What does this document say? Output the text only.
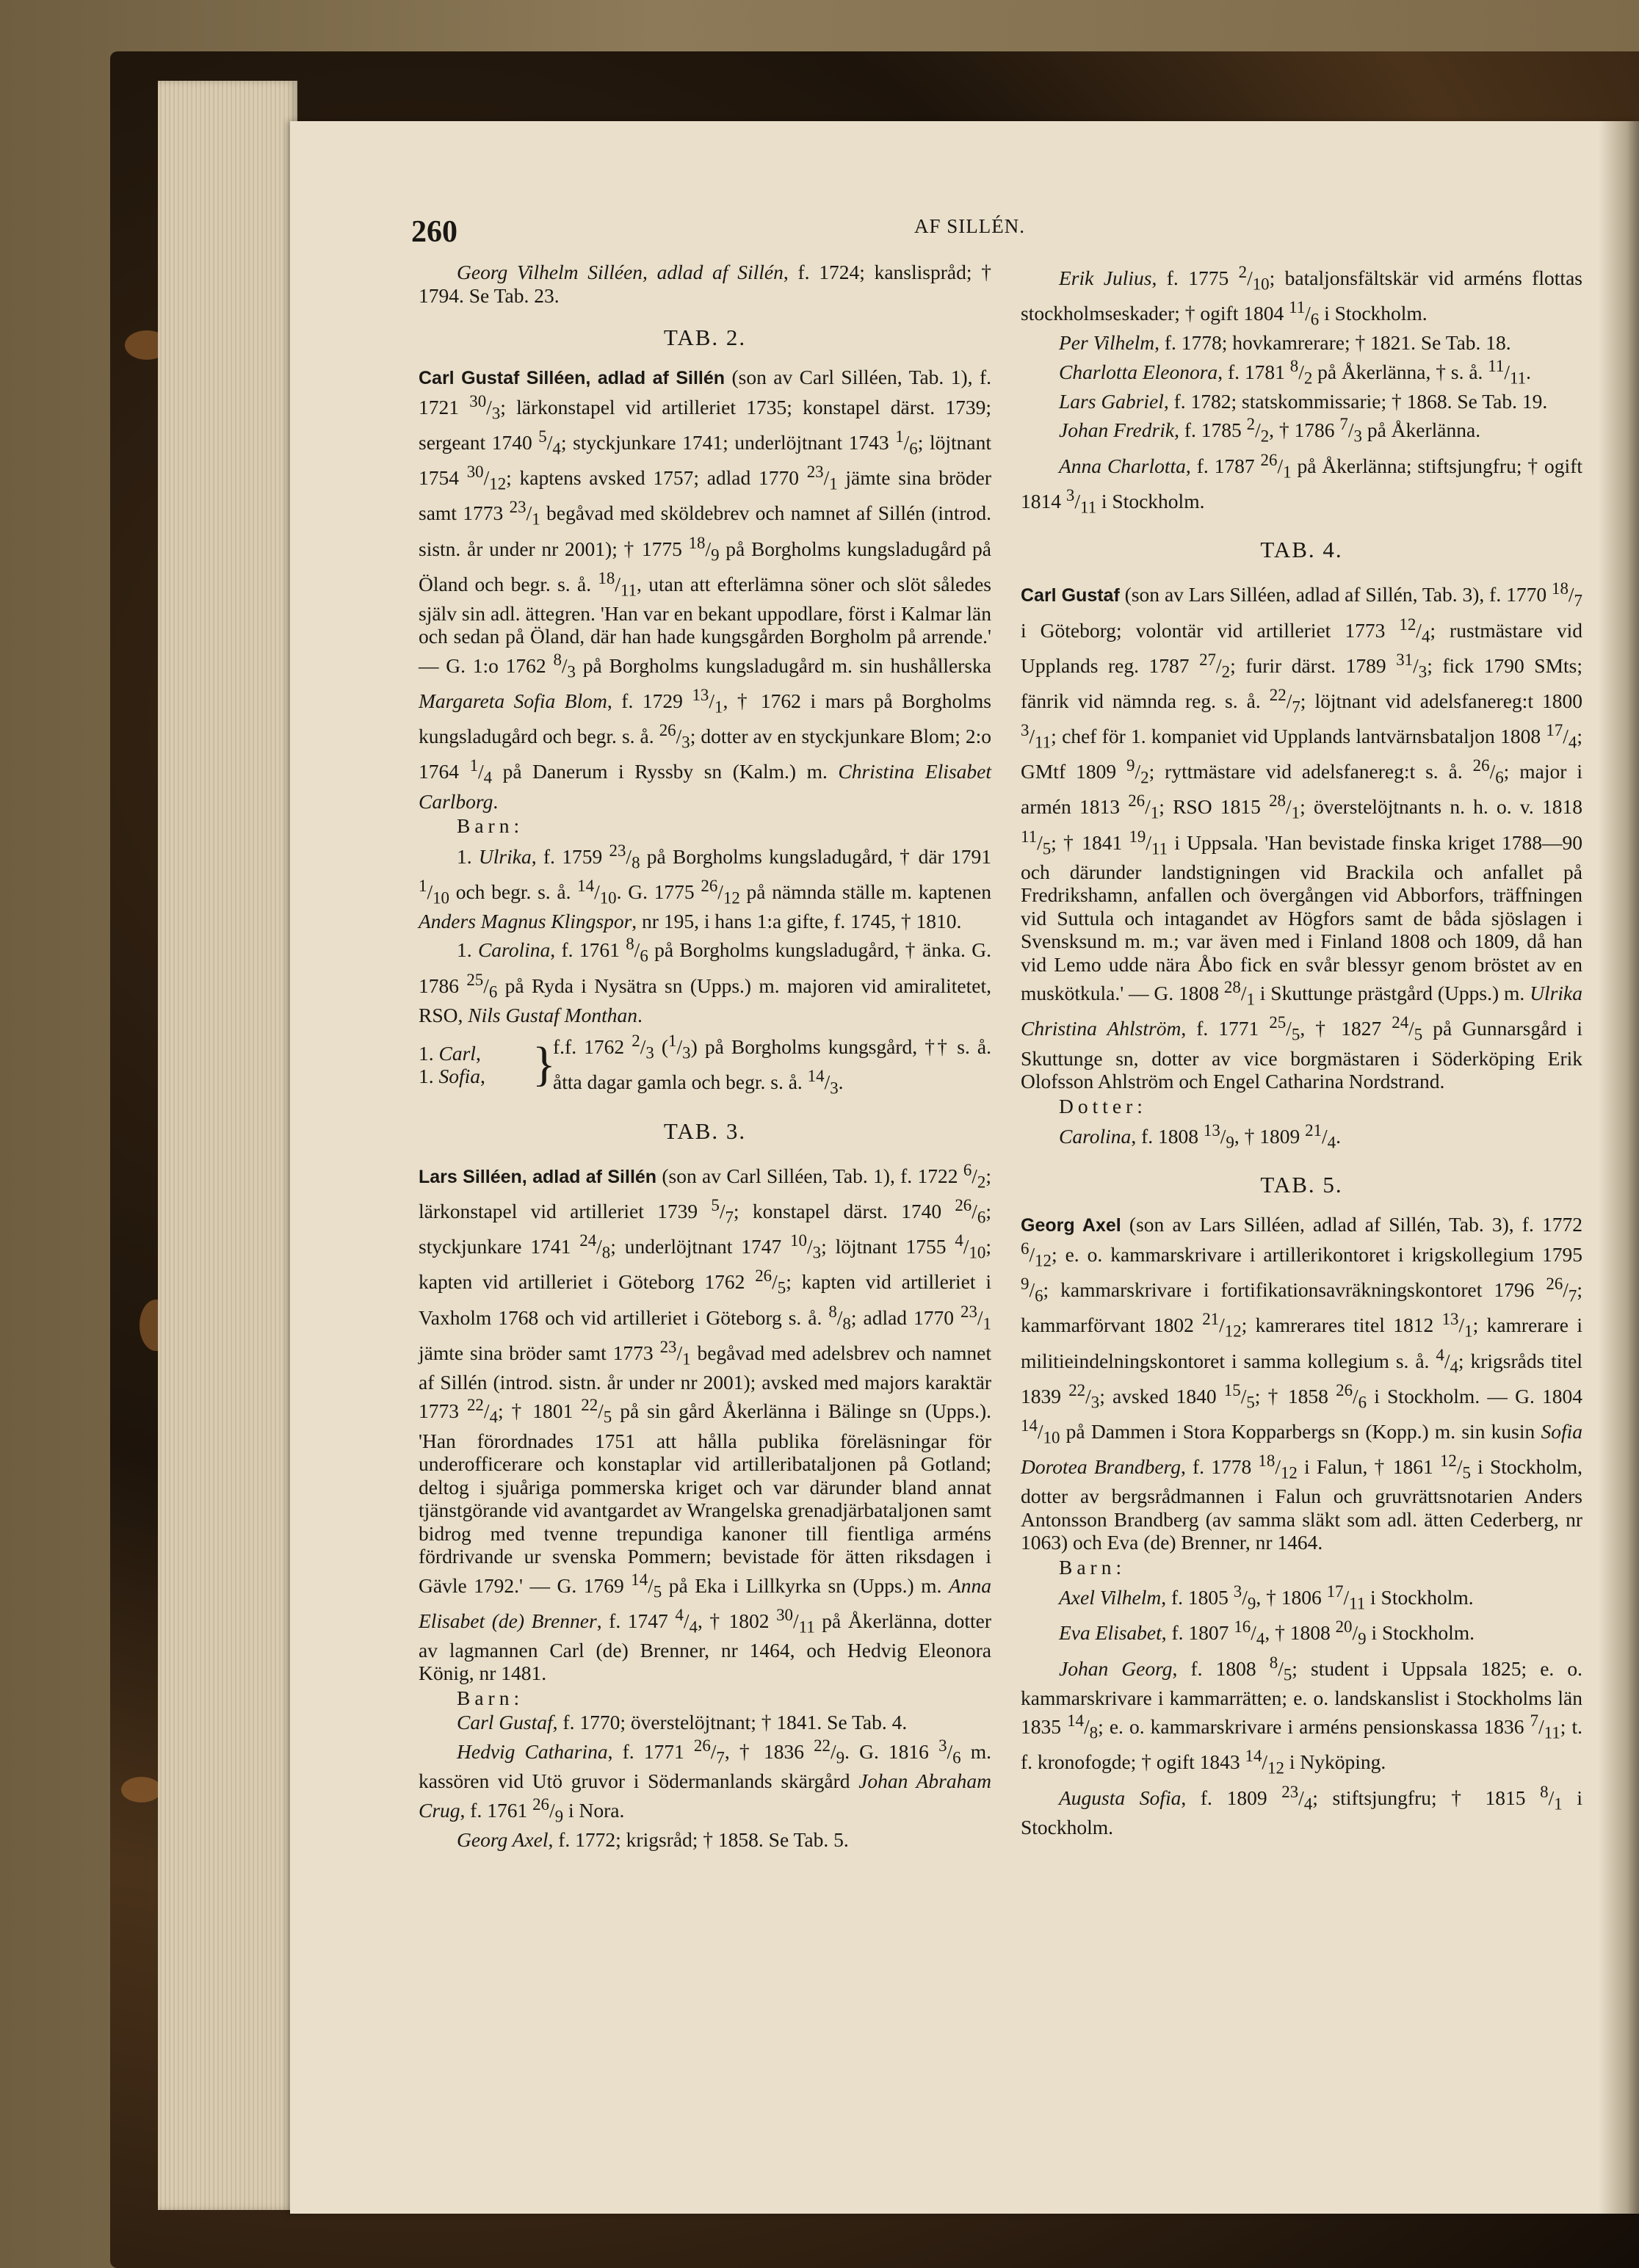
260	AF SILLÉN.

Georg Vilhelm Silléen, adlad af Sillén, f. 1724; kanslispråd; † 1794. Se Tab. 23.

TAB. 2.

Carl Gustaf Silléen, adlad af Sillén (son av Carl Silléen, Tab. 1), f. 1721 $^{30}/_3$; lärkonstapel vid artilleriet 1735; konstapel därst. 1739; sergeant 1740 $^5/_4$; styckjunkare 1741; underlöjtnant 1743 $^1/_6$; löjtnant 1754 $^{30}/_{12}$; kaptens avsked 1757; adlad 1770 $^{23}/_1$ jämte sina bröder samt 1773 $^{23}/_1$ begåvad med sköldebrev och namnet af Sillén (introd. sistn. år under nr 2001); † 1775 $^{18}/_9$ på Borgholms kungsladugård på Öland och begr. s. å. $^{18}/_{11}$, utan att efterlämna söner och slöt således själv sin adl. ättegren. 'Han var en bekant uppodlare, först i Kalmar län och sedan på Öland, där han hade kungsgården Borgholm på arrende.' — G. 1:o 1762 $^8/_3$ på Borgholms kungsladugård m. sin hushållerska Margareta Sofia Blom, f. 1729 $^{13}/_1$, † 1762 i mars på Borgholms kungsladugård och begr. s. å. $^{26}/_3$; dotter av en styckjunkare Blom; 2:o 1764 $^1/_4$ på Danerum i Ryssby sn (Kalm.) m. Christina Elisabet Carlborg.

Barn:

1. Ulrika, f. 1759 $^{23}/_8$ på Borgholms kungsladugård, † där 1791 $^1/_{10}$ och begr. s. å. $^{14}/_{10}$. G. 1775 $^{26}/_{12}$ på nämnda ställe m. kaptenen Anders Magnus Klingspor, nr 195, i hans 1:a gifte, f. 1745, † 1810.

1. Carolina, f. 1761 $^8/_6$ på Borgholms kungsladugård, † änka. G. 1786 $^{25}/_6$ på Ryda i Nysätra sn (Upps.) m. majoren vid amiralitetet, RSO, Nils Gustaf Monthan.

1. Carl,
1. Sofia, }
f.f. 1762 $^2/_3$ $(^1/_3)$ på Borgholms kungsgård, †† s. å. åtta dagar gamla och begr. s. å. $^{14}/_3$.
TAB. 3.

Lars Silléen, adlad af Sillén (son av Carl Silléen, Tab. 1), f. 1722 $^6/_2$; lärkonstapel vid artilleriet 1739 $^5/_7$; konstapel därst. 1740 $^{26}/_6$; styckjunkare 1741 $^{24}/_8$; underlöjtnant 1747 $^{10}/_3$; löjtnant 1755 $^4/_{10}$; kapten vid artilleriet i Göteborg 1762 $^{26}/_5$; kapten vid artilleriet i Vaxholm 1768 och vid artilleriet i Göteborg s. å. $^8/_8$; adlad 1770 $^{23}/_1$ jämte sina bröder samt 1773 $^{23}/_1$ begåvad med adelsbrev och namnet af Sillén (introd. sistn. år under nr 2001); avsked med majors karaktär 1773 $^{22}/_4$; † 1801 $^{22}/_5$ på sin gård Åkerlänna i Bälinge sn (Upps.). 'Han förordnades 1751 att hålla publika föreläsningar för underofficerare och konstaplar vid artilleribataljonen på Gotland; deltog i sjuåriga pommerska kriget och var därunder bland annat tjänstgörande vid avantgardet av Wrangelska grenadjärbataljonen samt bidrog med tvenne trepundiga kanoner till fientliga arméns fördrivande ur svenska Pommern; bevistade för ätten riksdagen i Gävle 1792.' — G. 1769 $^{14}/_5$ på Eka i Lillkyrka sn (Upps.) m. Anna Elisabet (de) Brenner, f. 1747 $^4/_4$, † 1802 $^{30}/_{11}$ på Åkerlänna, dotter av lagmannen Carl (de) Brenner, nr 1464, och Hedvig Eleonora König, nr 1481.

Barn:

Carl Gustaf, f. 1770; överstelöjtnant; † 1841. Se Tab. 4.

Hedvig Catharina, f. 1771 $^{26}/_7$, † 1836 $^{22}/_9$. G. 1816 $^3/_6$ m. kassören vid Utö gruvor i Södermanlands skärgård Johan Abraham Crug, f. 1761 $^{26}/_9$ i Nora.

Georg Axel, f. 1772; krigsråd; † 1858. Se Tab. 5.

Erik Julius, f. 1775 $^2/_{10}$; bataljonsfältskär vid arméns flottas stockholmseskader; † ogift 1804 $^{11}/_6$ i Stockholm.

Per Vilhelm, f. 1778; hovkamrerare; † 1821. Se Tab. 18.

Charlotta Eleonora, f. 1781 $^8/_2$ på Åkerlänna, † s. å. $^{11}/_{11}$.

Lars Gabriel, f. 1782; statskommissarie; † 1868. Se Tab. 19.

Johan Fredrik, f. 1785 $^2/_2$, † 1786 $^7/_3$ på Åkerlänna.

Anna Charlotta, f. 1787 $^{26}/_1$ på Åkerlänna; stiftsjungfru; † ogift 1814 $^3/_{11}$ i Stockholm.

TAB. 4.

Carl Gustaf (son av Lars Silléen, adlad af Sillén, Tab. 3), f. 1770 $^{18}/_7$ i Göteborg; volontär vid artilleriet 1773 $^{12}/_4$; rustmästare vid Upplands reg. 1787 $^{27}/_2$; furir därst. 1789 $^{31}/_3$; fick 1790 SMts; fänrik vid nämnda reg. s. å. $^{22}/_7$; löjtnant vid adelsfanereg:t 1800 $^3/_{11}$; chef för 1. kompaniet vid Upplands lantvärnsbataljon 1808 $^{17}/_4$; GMtf 1809 $^9/_2$; ryttmästare vid adelsfanereg:t s. å. $^{26}/_6$; major i armén 1813 $^{26}/_1$; RSO 1815 $^{28}/_1$; överstelöjtnants n. h. o. v. 1818 $^{11}/_5$; † 1841 $^{19}/_{11}$ i Uppsala. 'Han bevistade finska kriget 1788—90 och därunder landstigningen vid Brackila och anfallet på Fredrikshamn, anfallen och övergången vid Abborfors, träffningen vid Suttula och intagandet av Högfors samt de båda sjöslagen i Svensksund m. m.; var även med i Finland 1808 och 1809, då han vid Lemo udde nära Åbo fick en svår blessyr genom bröstet av en muskötkula.' — G. 1808 $^{28}/_1$ i Skuttunge prästgård (Upps.) m. Ulrika Christina Ahlström, f. 1771 $^{25}/_5$, † 1827 $^{24}/_5$ på Gunnarsgård i Skuttunge sn, dotter av vice borgmästaren i Söderköping Erik Olofsson Ahlström och Engel Catharina Nordstrand.

Dotter:

Carolina, f. 1808 $^{13}/_9$, † 1809 $^{21}/_4$.

TAB. 5.

Georg Axel (son av Lars Silléen, adlad af Sillén, Tab. 3), f. 1772 $^6/_{12}$; e. o. kammarskrivare i artillerikontoret i krigskollegium 1795 $^9/_6$; kammarskrivare i fortifikationsavräkningskontoret 1796 $^{26}/_7$; kammarförvant 1802 $^{21}/_{12}$; kamrerares titel 1812 $^{13}/_1$; kamrerare i militieindelningskontoret i samma kollegium s. å. $^4/_4$; krigsråds titel 1839 $^{22}/_3$; avsked 1840 $^{15}/_5$; † 1858 $^{26}/_6$ i Stockholm. — G. 1804 $^{14}/_{10}$ på Dammen i Stora Kopparbergs sn (Kopp.) m. sin kusin Sofia Dorotea Brandberg, f. 1778 $^{18}/_{12}$ i Falun, † 1861 $^{12}/_5$ i Stockholm, dotter av bergsrådmannen i Falun och gruvrättsnotarien Anders Antonsson Brandberg (av samma släkt som adl. ätten Cederberg, nr 1063) och Eva (de) Brenner, nr 1464.

Barn:

Axel Vilhelm, f. 1805 $^3/_9$, † 1806 $^{17}/_{11}$ i Stockholm.

Eva Elisabet, f. 1807 $^{16}/_4$, † 1808 $^{20}/_9$ i Stockholm.

Johan Georg, f. 1808 $^8/_5$; student i Uppsala 1825; e. o. kammarskrivare i kammarrätten; e. o. landskanslist i Stockholms län 1835 $^{14}/_8$; e. o. kammarskrivare i arméns pensionskassa 1836 $^7/_{11}$; t. f. kronofogde; † ogift 1843 $^{14}/_{12}$ i Nyköping.

Augusta Sofia, f. 1809 $^{23}/_4$; stiftsjungfru; † 1815 $^8/_1$ i Stockholm.
